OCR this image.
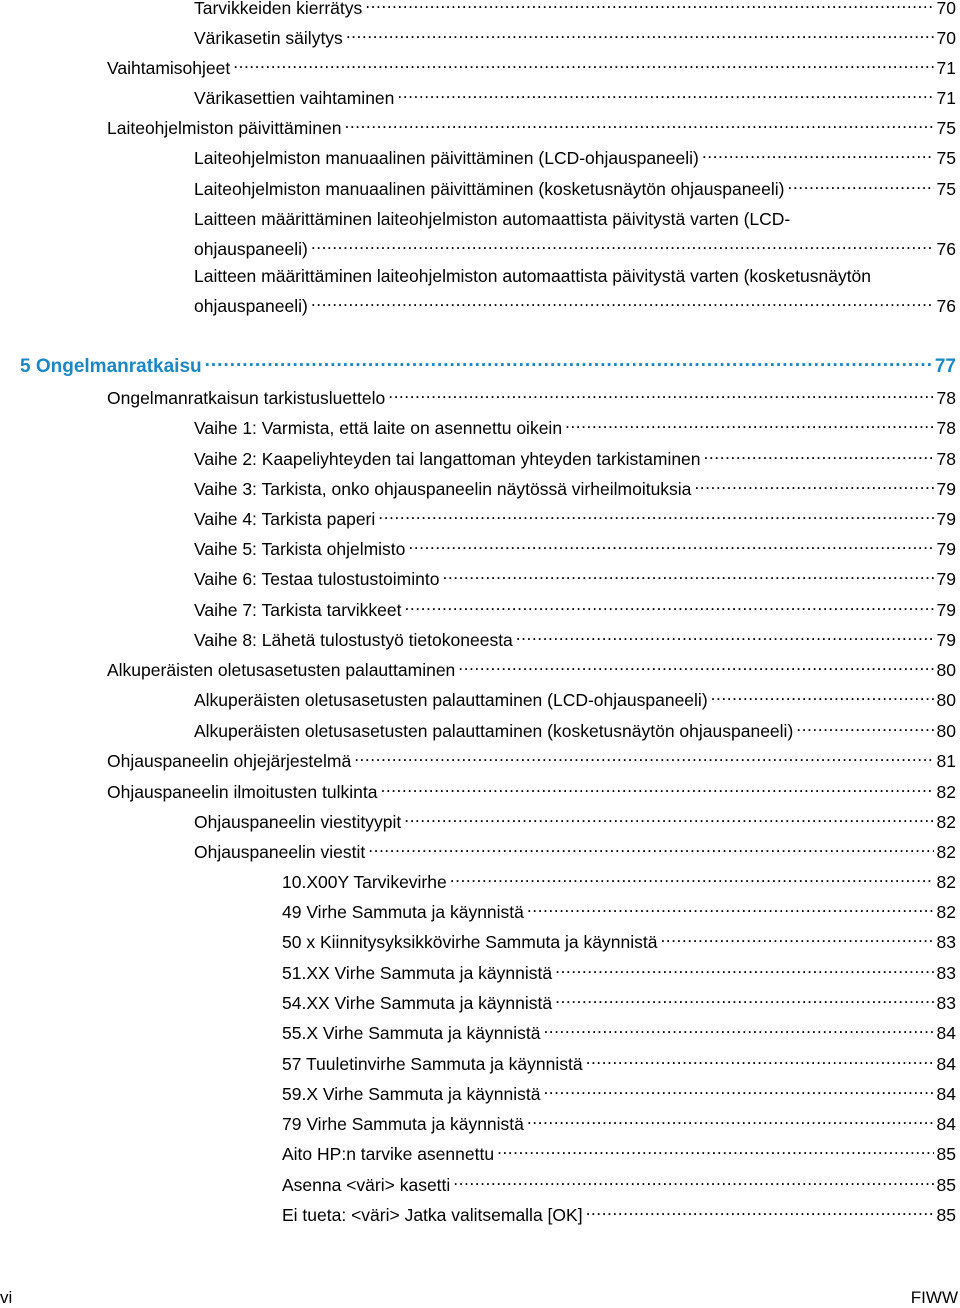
Tarvikkeiden kierrätys .....	70
Värikasetin säilytys .....	70
Vaihtamisohjeet .....	71
Värikasettien vaihtaminen .....	71
Laiteohjelmiston päivittäminen .....	75
Laiteohjelmiston manuaalinen päivittäminen (LCD-ohjauspaneeli) .....	75
Laiteohjelmiston manuaalinen päivittäminen (kosketusnäytön ohjauspaneeli) .....	75
Laitteen määrittäminen laiteohjelmiston automaattista päivitystä varten (LCD-
ohjauspaneeli) .....	76
Laitteen määrittäminen laiteohjelmiston automaattista päivitystä varten (kosketusnäytön
ohjauspaneeli) .....	76
5 Ongelmanratkaisu .....	77
Ongelmanratkaisun tarkistusluettelo .....	78
Vaihe 1: Varmista, että laite on asennettu oikein .....	78
Vaihe 2: Kaapeliyhteyden tai langattoman yhteyden tarkistaminen .....	78
Vaihe 3: Tarkista, onko ohjauspaneelin näytössä virheilmoituksia .....	79
Vaihe 4: Tarkista paperi .....	79
Vaihe 5: Tarkista ohjelmisto .....	79
Vaihe 6: Testaa tulostustoiminto .....	79
Vaihe 7: Tarkista tarvikkeet .....	79
Vaihe 8: Lähetä tulostustyö tietokoneesta .....	79
Alkuperäisten oletusasetusten palauttaminen .....	80
Alkuperäisten oletusasetusten palauttaminen (LCD-ohjauspaneeli) .....	80
Alkuperäisten oletusasetusten palauttaminen (kosketusnäytön ohjauspaneeli) .....	80
Ohjauspaneelin ohjejärjestelmä .....	81
Ohjauspaneelin ilmoitusten tulkinta .....	82
Ohjauspaneelin viestityypit .....	82
Ohjauspaneelin viestit .....	82
10.X00Y Tarvikevirhe .....	82
49 Virhe Sammuta ja käynnistä .....	82
50 x Kiinnitysyksikkövirhe Sammuta ja käynnistä .....	83
51.XX Virhe Sammuta ja käynnistä .....	83
54.XX Virhe Sammuta ja käynnistä .....	83
55.X Virhe Sammuta ja käynnistä .....	84
57 Tuuletinvirhe Sammuta ja käynnistä .....	84
59.X Virhe Sammuta ja käynnistä .....	84
79 Virhe Sammuta ja käynnistä .....	84
Aito HP:n tarvike asennettu .....	85
Asenna <väri> kasetti .....	85
Ei tueta: <väri> Jatka valitsemalla [OK] .....	85
vi	FIWW
